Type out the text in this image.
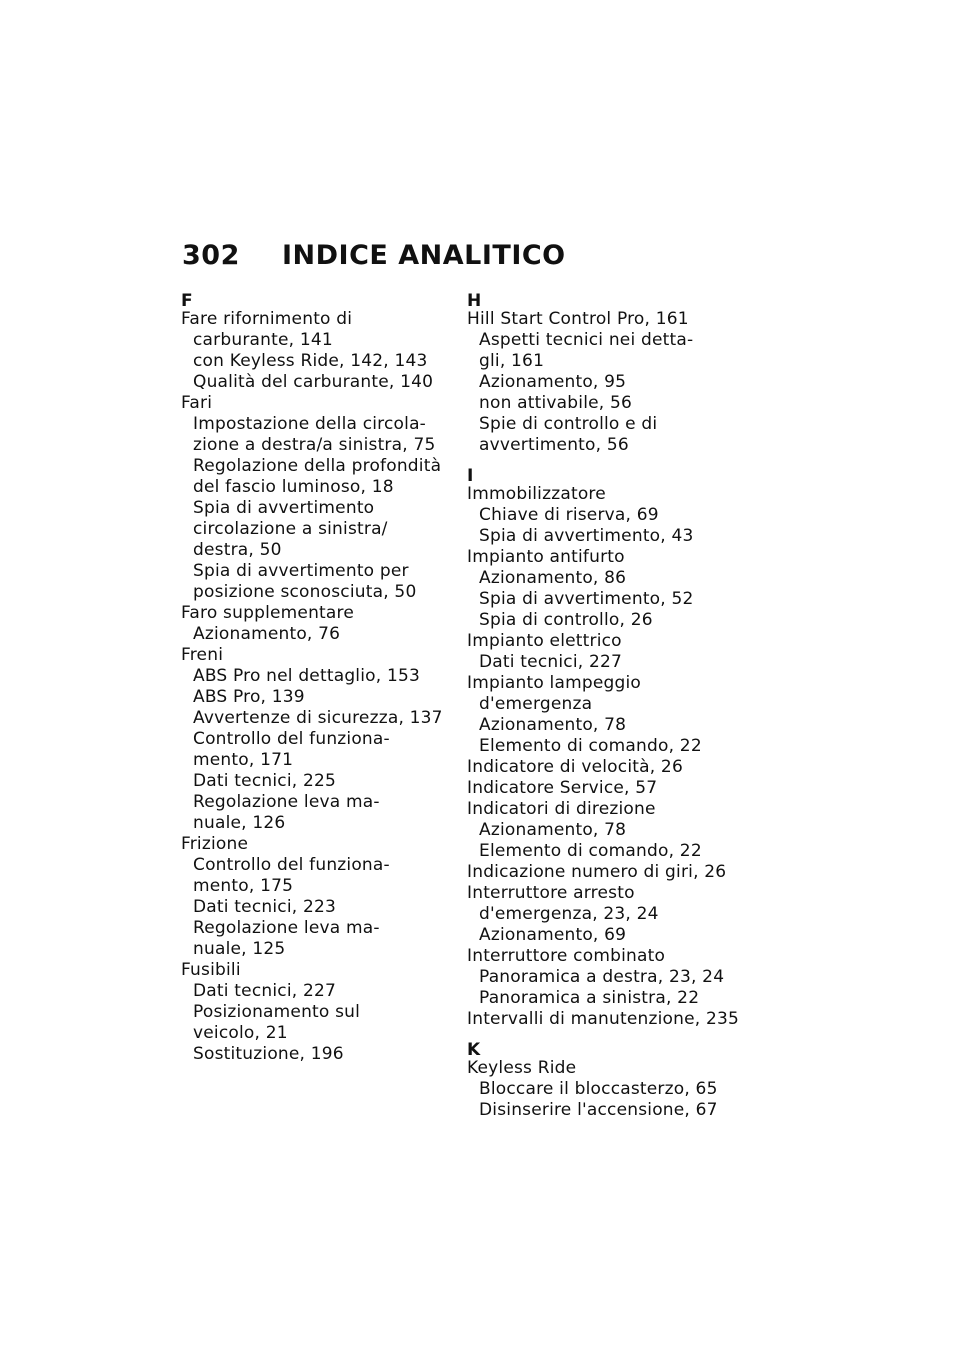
302 INDICE ANALITICO
F
Fare rifornimento di
carburante, 141
con Keyless Ride, 142, 143
Qualità del carburante, 140
Fari
Impostazione della circola-
zione a destra/a sinistra, 75
Regolazione della profondità
del fascio luminoso, 18
Spia di avvertimento
circolazione a sinistra/
destra, 50
Spia di avvertimento per
posizione sconosciuta, 50
Faro supplementare
Azionamento, 76
Freni
ABS Pro nel dettaglio, 153
ABS Pro, 139
Avvertenze di sicurezza, 137
Controllo del funziona-
mento, 171
Dati tecnici, 225
Regolazione leva ma-
nuale, 126
Frizione
Controllo del funziona-
mento, 175
Dati tecnici, 223
Regolazione leva ma-
nuale, 125
Fusibili
Dati tecnici, 227
Posizionamento sul
veicolo, 21
Sostituzione, 196
H
Hill Start Control Pro, 161
Aspetti tecnici nei detta-
gli, 161
Azionamento, 95
non attivabile, 56
Spie di controllo e di
avvertimento, 56
I
Immobilizzatore
Chiave di riserva, 69
Spia di avvertimento, 43
Impianto antifurto
Azionamento, 86
Spia di avvertimento, 52
Spia di controllo, 26
Impianto elettrico
Dati tecnici, 227
Impianto lampeggio
d'emergenza
Azionamento, 78
Elemento di comando, 22
Indicatore di velocità, 26
Indicatore Service, 57
Indicatori di direzione
Azionamento, 78
Elemento di comando, 22
Indicazione numero di giri, 26
Interruttore arresto
d'emergenza, 23, 24
Azionamento, 69
Interruttore combinato
Panoramica a destra, 23, 24
Panoramica a sinistra, 22
Intervalli di manutenzione, 235
K
Keyless Ride
Bloccare il bloccasterzo, 65
Disinserire l'accensione, 67
